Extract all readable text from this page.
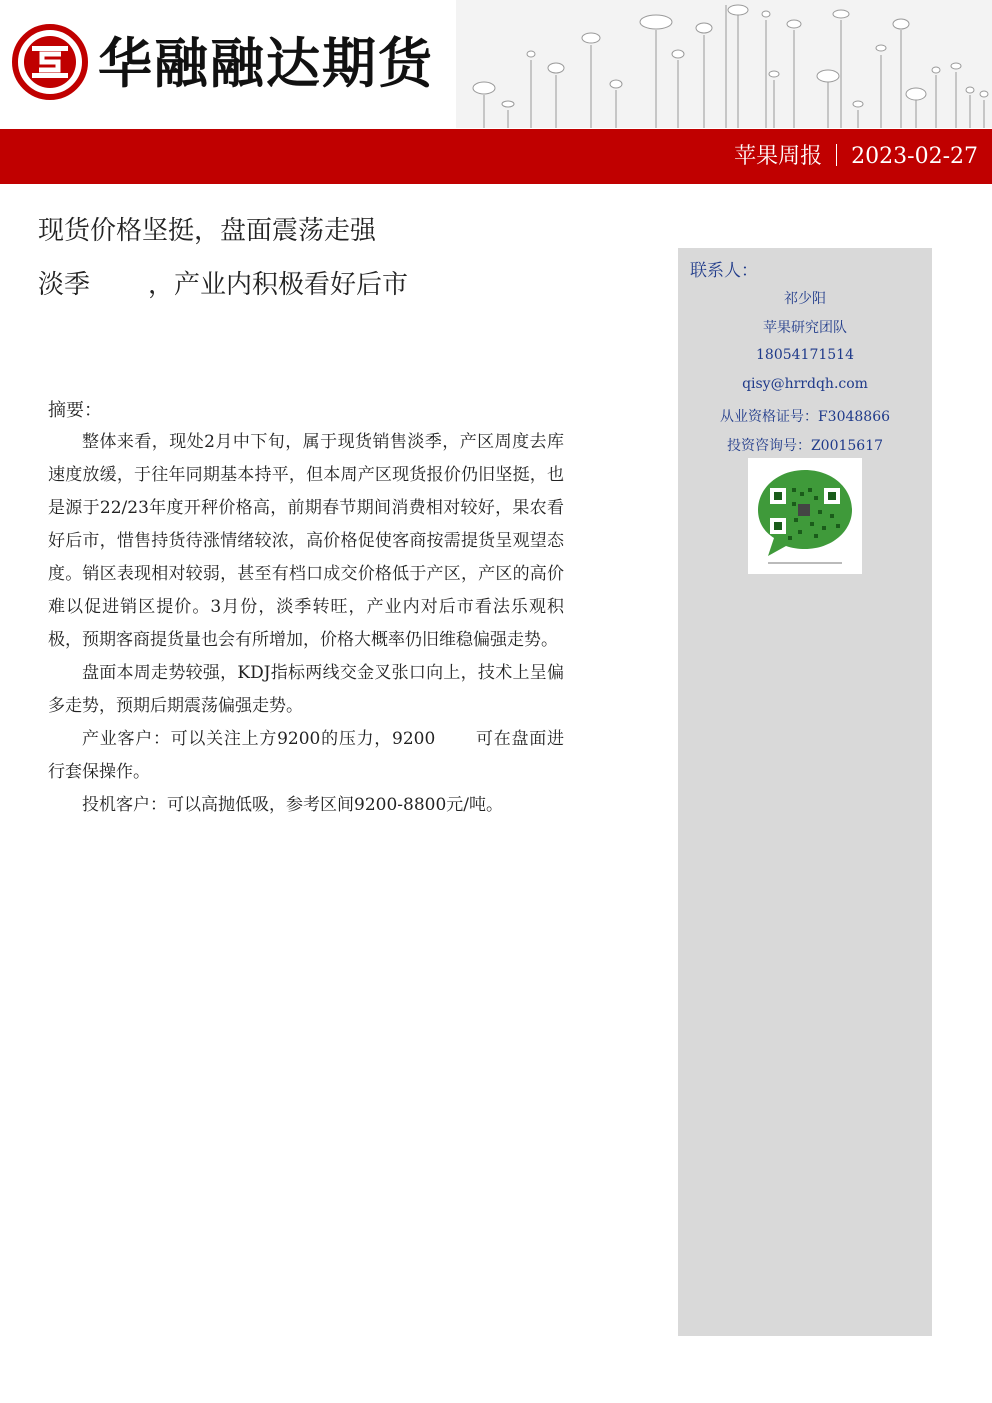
华融融达期货
苹果周报 2023-02-27
现货价格坚挺，盘面震荡走强
淡季 ，产业内积极看好后市
摘要：

整体来看，现处2月中下旬，属于现货销售淡季，产区周度去库速度放缓，于往年同期基本持平，但本周产区现货报价仍旧坚挺，也是源于22/23年度开秤价格高，前期春节期间消费相对较好，果农看好后市，惜售持货待涨情绪较浓，高价格促使客商按需提货呈观望态度。销区表现相对较弱，甚至有档口成交价格低于产区，产区的高价难以促进销区提价。3月份，淡季转旺，产业内对后市看法乐观积极，预期客商提货量也会有所增加，价格大概率仍旧维稳偏强走势。

盘面本周走势较强，KDJ指标两线交金叉张口向上，技术上呈偏多走势，预期后期震荡偏强走势。

产业客户：可以关注上方9200的压力，9200 可在盘面进行套保操作。

投机客户：可以高抛低吸，参考区间9200-8800元/吨。

联系人：
祁少阳
苹果研究团队
18054171514
qisy@hrrdqh.com
从业资格证号：F3048866
投资咨询号：Z0015617
